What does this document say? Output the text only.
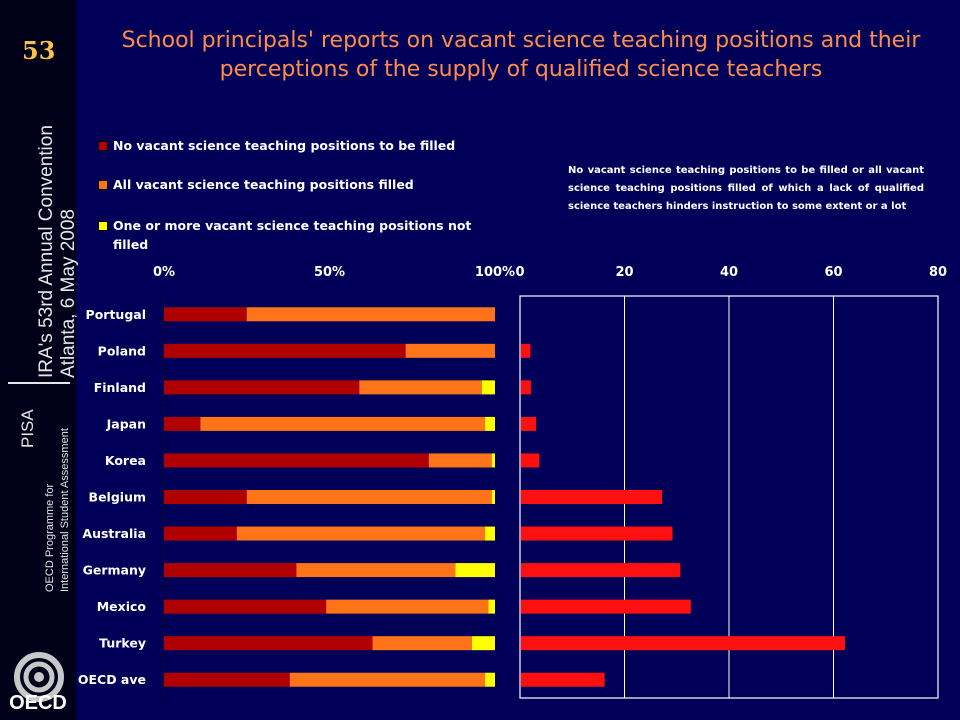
53
IRA's 53rd Annual Convention Atlanta, 6 May 2008
PISA
OECD Programme for International Student Assessment
OECD
School principals' reports on vacant science teaching positions and their perceptions of the supply of qualified science teachers
No vacant science teaching positions to be filled
All vacant science teaching positions filled
One or more vacant science teaching positions not filled
No vacant science teaching positions to be filled or all vacant science teaching positions filled of which a lack of qualified science teachers hinders instruction to some extent or a lot
0%	50%	100%
Portugal
Poland
Finland
Japan
Korea
Belgium
Australia
Germany
Mexico
Turkey
OECD ave
0	20	40	60	80
